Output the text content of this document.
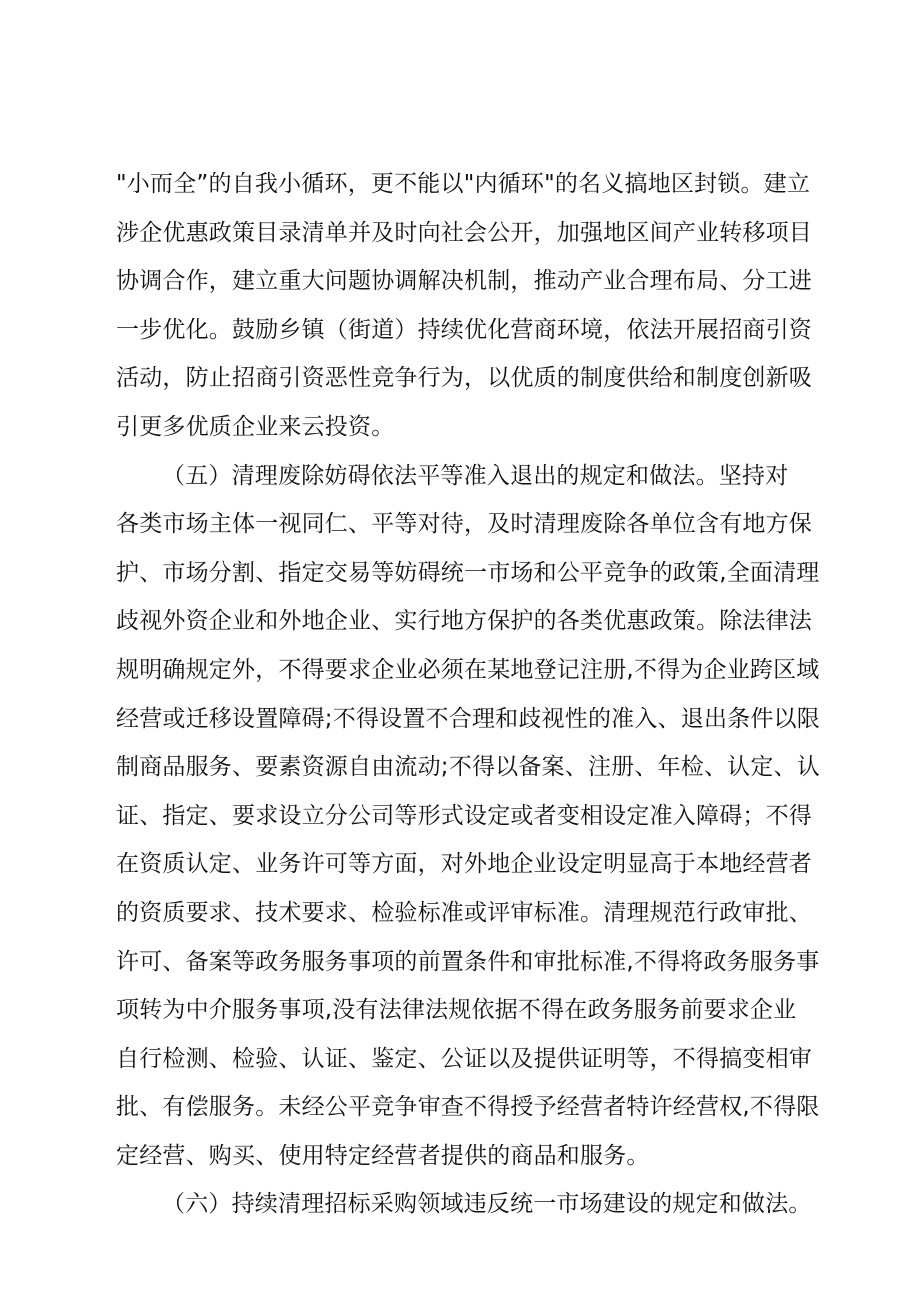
"小而全”的自我小循环，更不能以"内循环"的名义搞地区封锁。建立
涉企优惠政策目录清单并及时向社会公开，加强地区间产业转移项目
协调合作，建立重大问题协调解决机制，推动产业合理布局、分工进
一步优化。鼓励乡镇（街道）持续优化营商环境，依法开展招商引资
活动，防止招商引资恶性竞争行为，以优质的制度供给和制度创新吸
引更多优质企业来云投资。
（五）清理废除妨碍依法平等准入退出的规定和做法。坚持对
各类市场主体一视同仁、平等对待，及时清理废除各单位含有地方保
护、市场分割、指定交易等妨碍统一市场和公平竞争的政策,全面清理
歧视外资企业和外地企业、实行地方保护的各类优惠政策。除法律法
规明确规定外，不得要求企业必须在某地登记注册,不得为企业跨区域
经营或迁移设置障碍;不得设置不合理和歧视性的准入、退出条件以限
制商品服务、要素资源自由流动;不得以备案、注册、年检、认定、认
证、指定、要求设立分公司等形式设定或者变相设定准入障碍；不得
在资质认定、业务许可等方面，对外地企业设定明显高于本地经营者
的资质要求、技术要求、检验标准或评审标准。清理规范行政审批、
许可、备案等政务服务事项的前置条件和审批标准,不得将政务服务事
项转为中介服务事项,没有法律法规依据不得在政务服务前要求企业
自行检测、检验、认证、鉴定、公证以及提供证明等，不得搞变相审
批、有偿服务。未经公平竞争审查不得授予经营者特许经营权,不得限
定经营、购买、使用特定经营者提供的商品和服务。
（六）持续清理招标采购领域违反统一市场建设的规定和做法。
